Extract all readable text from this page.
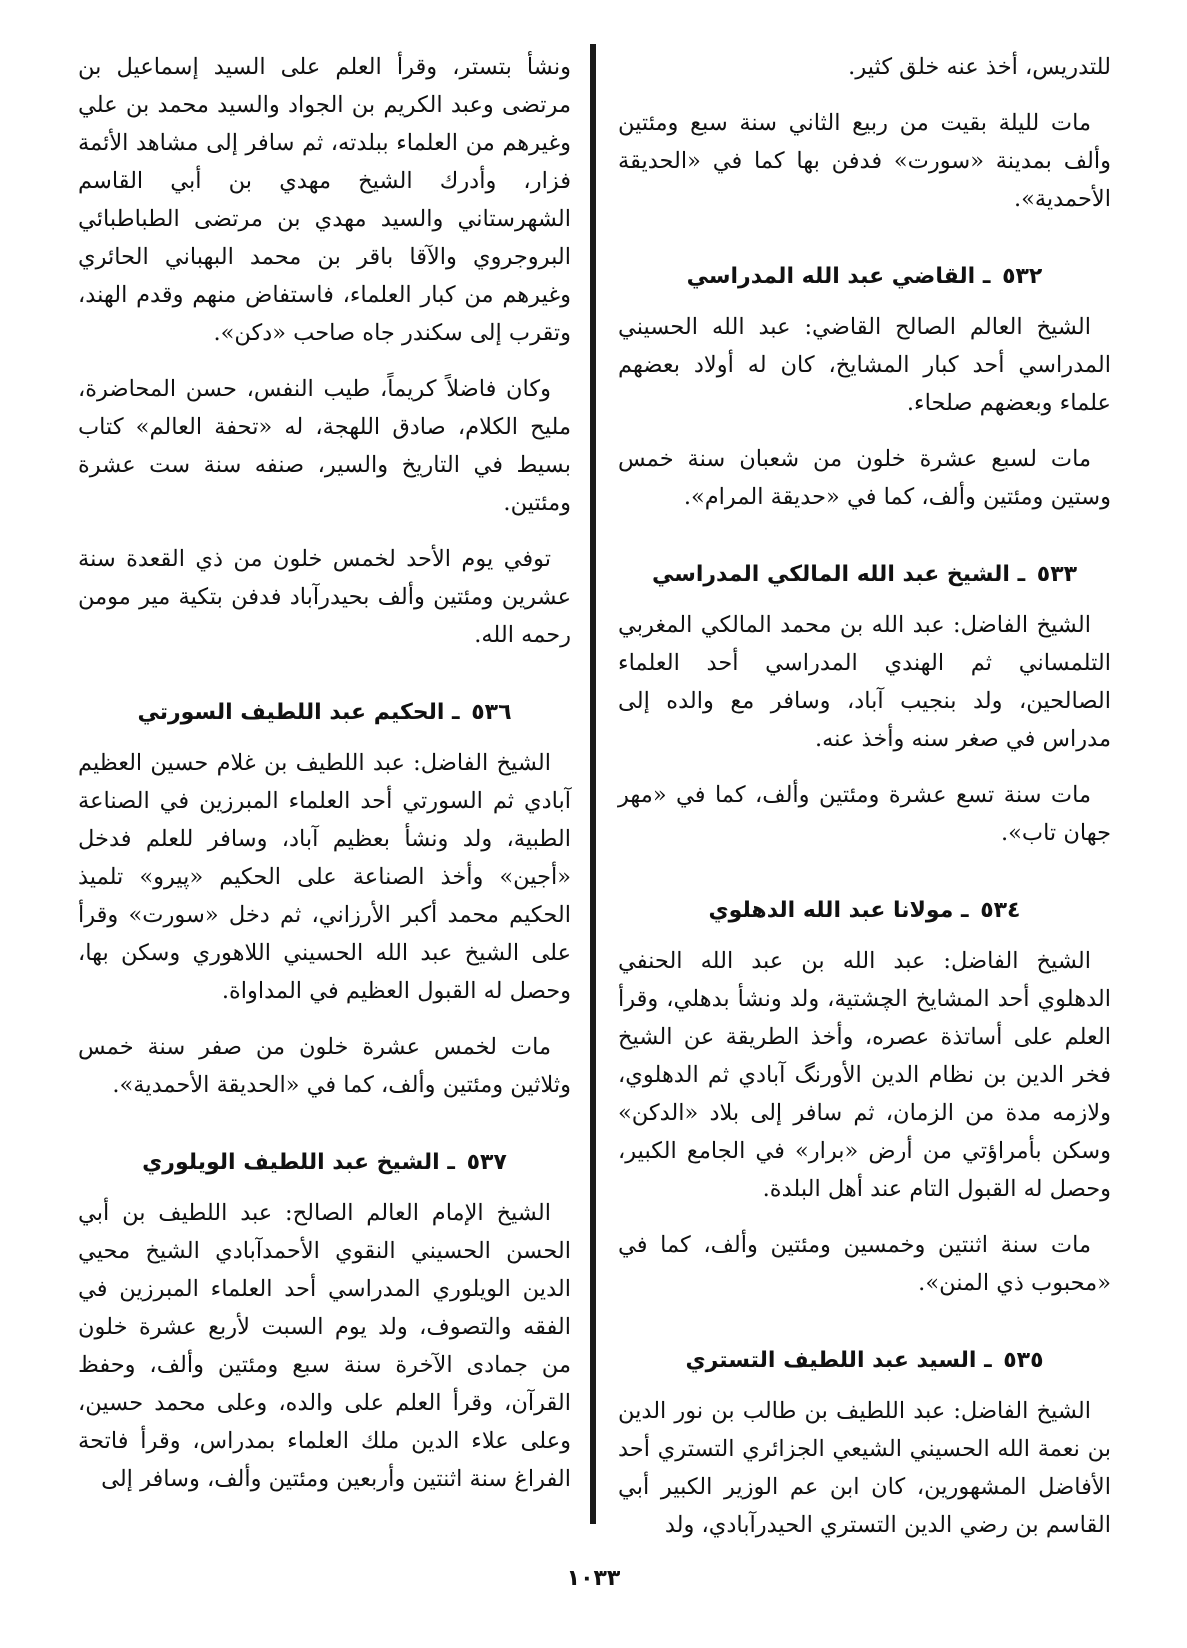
للتدريس، أخذ عنه خلق كثير.

مات لليلة بقيت من ربيع الثاني سنة سبع ومئتين وألف بمدينة «سورت» فدفن بها كما في «الحديقة الأحمدية».

٥٣٢ ـ القاضي عبد الله المدراسي

الشيخ العالم الصالح القاضي: عبد الله الحسيني المدراسي أحد كبار المشايخ، كان له أولاد بعضهم علماء وبعضهم صلحاء.

مات لسبع عشرة خلون من شعبان سنة خمس وستين ومئتين وألف، كما في «حديقة المرام».

٥٣٣ ـ الشيخ عبد الله المالكي المدراسي

الشيخ الفاضل: عبد الله بن محمد المالكي المغربي التلمساني ثم الهندي المدراسي أحد العلماء الصالحين، ولد بنجيب آباد، وسافر مع والده إلى مدراس في صغر سنه وأخذ عنه.

مات سنة تسع عشرة ومئتين وألف، كما في «مهر جهان تاب».

٥٣٤ ـ مولانا عبد الله الدهلوي

الشيخ الفاضل: عبد الله بن عبد الله الحنفي الدهلوي أحد المشايخ الچشتية، ولد ونشأ بدهلي، وقرأ العلم على أساتذة عصره، وأخذ الطريقة عن الشيخ فخر الدين بن نظام الدين الأورنگ آبادي ثم الدهلوي، ولازمه مدة من الزمان، ثم سافر إلى بلاد «الدكن» وسكن بأمراؤتي من أرض «برار» في الجامع الكبير، وحصل له القبول التام عند أهل البلدة.

مات سنة اثنتين وخمسين ومئتين وألف، كما في «محبوب ذي المنن».

٥٣٥ ـ السيد عبد اللطيف التستري

الشيخ الفاضل: عبد اللطيف بن طالب بن نور الدين بن نعمة الله الحسيني الشيعي الجزائري التستري أحد الأفاضل المشهورين، كان ابن عم الوزير الكبير أبي القاسم بن رضي الدين التستري الحيدرآبادي، ولد

ونشأ بتستر، وقرأ العلم على السيد إسماعيل بن مرتضى وعبد الكريم بن الجواد والسيد محمد بن علي وغيرهم من العلماء ببلدته، ثم سافر إلى مشاهد الأئمة فزار، وأدرك الشيخ مهدي بن أبي القاسم الشهرستاني والسيد مهدي بن مرتضى الطباطبائي البروجروي والآقا باقر بن محمد البهباني الحائري وغيرهم من كبار العلماء، فاستفاض منهم وقدم الهند، وتقرب إلى سكندر جاه صاحب «دكن».

وكان فاضلاً كريماً، طيب النفس، حسن المحاضرة، مليح الكلام، صادق اللهجة، له «تحفة العالم» كتاب بسيط في التاريخ والسير، صنفه سنة ست عشرة ومئتين.

توفي يوم الأحد لخمس خلون من ذي القعدة سنة عشرين ومئتين وألف بحيدرآباد فدفن بتكية مير مومن رحمه الله.

٥٣٦ ـ الحكيم عبد اللطيف السورتي

الشيخ الفاضل: عبد اللطيف بن غلام حسين العظيم آبادي ثم السورتي أحد العلماء المبرزين في الصناعة الطبية، ولد ونشأ بعظيم آباد، وسافر للعلم فدخل «أجين» وأخذ الصناعة على الحكيم «پيرو» تلميذ الحكيم محمد أكبر الأرزاني، ثم دخل «سورت» وقرأ على الشيخ عبد الله الحسيني اللاهوري وسكن بها، وحصل له القبول العظيم في المداواة.

مات لخمس عشرة خلون من صفر سنة خمس وثلاثين ومئتين وألف، كما في «الحديقة الأحمدية».

٥٣٧ ـ الشيخ عبد اللطيف الويلوري

الشيخ الإمام العالم الصالح: عبد اللطيف بن أبي الحسن الحسيني النقوي الأحمدآبادي الشيخ محيي الدين الويلوري المدراسي أحد العلماء المبرزين في الفقه والتصوف، ولد يوم السبت لأربع عشرة خلون من جمادى الآخرة سنة سبع ومئتين وألف، وحفظ القرآن، وقرأ العلم على والده، وعلى محمد حسين، وعلى علاء الدين ملك العلماء بمدراس، وقرأ فاتحة الفراغ سنة اثنتين وأربعين ومئتين وألف، وسافر إلى

١٠٣٣
